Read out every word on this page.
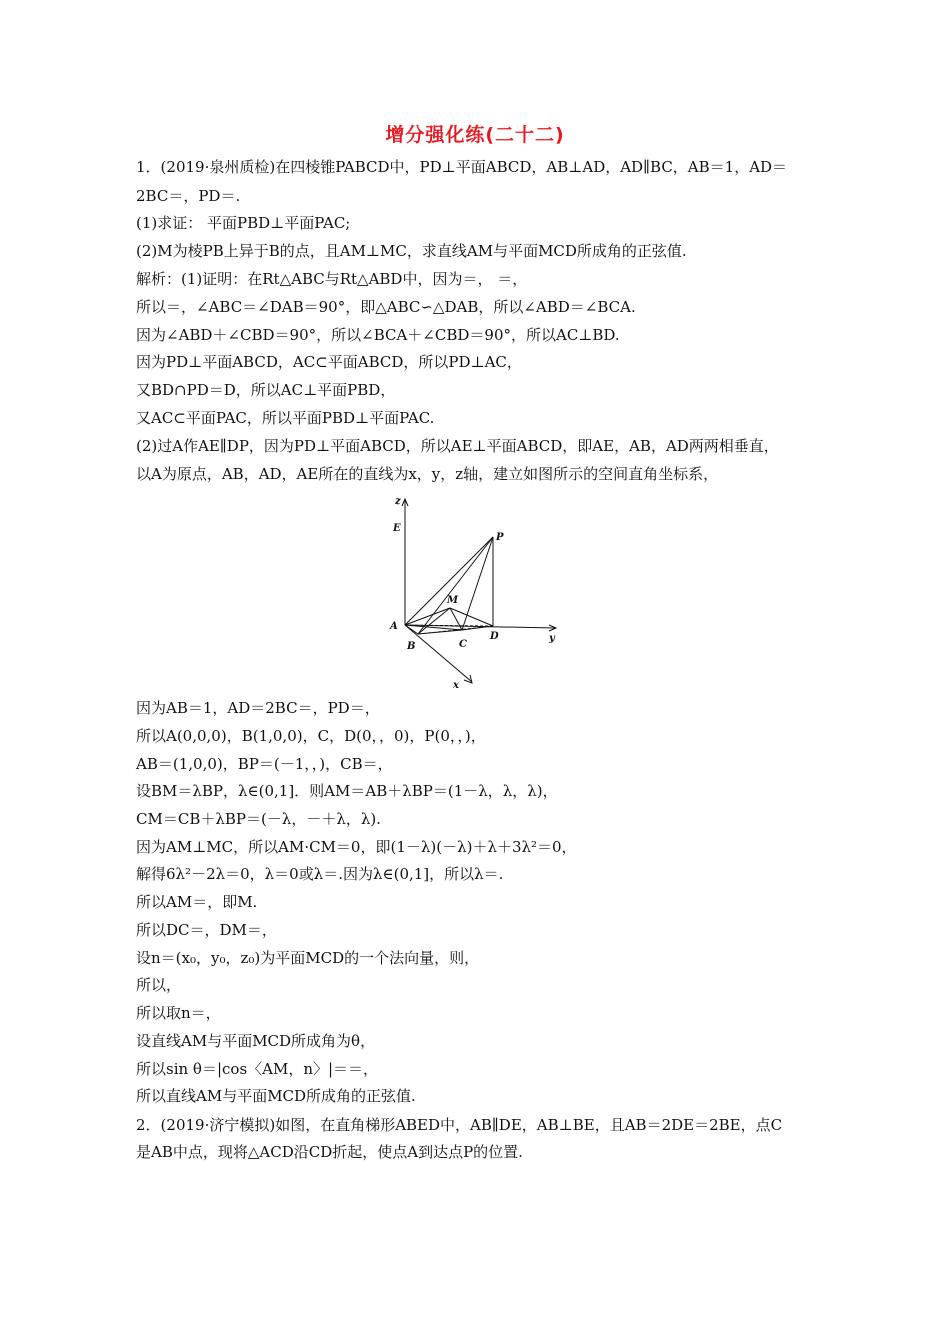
增分强化练(二十二)
1．(2019·泉州质检)在四棱锥PABCD中，PD⊥平面ABCD，AB⊥AD，AD∥BC，AB＝1，AD＝
2BC＝，PD＝.
(1)求证： 平面PBD⊥平面PAC;
(2)M为棱PB上异于B的点，且AM⊥MC，求直线AM与平面MCD所成角的正弦值.
解析：(1)证明：在Rt△ABC与Rt△ABD中，因为＝， ＝，
所以＝，∠ABC＝∠DAB＝90°，即△ABC∽△DAB，所以∠ABD＝∠BCA.
因为∠ABD＋∠CBD＝90°，所以∠BCA＋∠CBD＝90°，所以AC⊥BD.
因为PD⊥平面ABCD，AC⊂平面ABCD，所以PD⊥AC，
又BD∩PD＝D，所以AC⊥平面PBD，
又AC⊂平面PAC，所以平面PBD⊥平面PAC.
(2)过A作AE∥DP，因为PD⊥平面ABCD，所以AE⊥平面ABCD，即AE，AB，AD两两相垂直，
以A为原点，AB，AD，AE所在的直线为x，y，z轴，建立如图所示的空间直角坐标系，
z
E
P
M
A
D	y
B	C
x
因为AB＝1，AD＝2BC＝，PD＝，
所以A(0,0,0)，B(1,0,0)，C，D(0，，0)，P(0，，)，
AB＝(1,0,0)，BP＝(－1，，)，CB＝，
设BM＝λBP，λ∈(0,1]．则AM＝AB＋λBP＝(1－λ，λ，λ)，
CM＝CB＋λBP＝(－λ，－＋λ，λ).
因为AM⊥MC，所以AM·CM＝0，即(1－λ)(－λ)＋λ＋3λ²＝0，
解得6λ²－2λ＝0，λ＝0或λ＝.因为λ∈(0,1]，所以λ＝.
所以AM＝，即M.
所以DC＝，DM＝，
设n＝(x₀，y₀，z₀)为平面MCD的一个法向量，则，
所以，
所以取n＝，
设直线AM与平面MCD所成角为θ，
所以sin θ＝|cos〈AM，n〉|＝＝，
所以直线AM与平面MCD所成角的正弦值.
2．(2019·济宁模拟)如图，在直角梯形ABED中，AB∥DE，AB⊥BE，且AB＝2DE＝2BE，点C
是AB中点，现将△ACD沿CD折起，使点A到达点P的位置.
